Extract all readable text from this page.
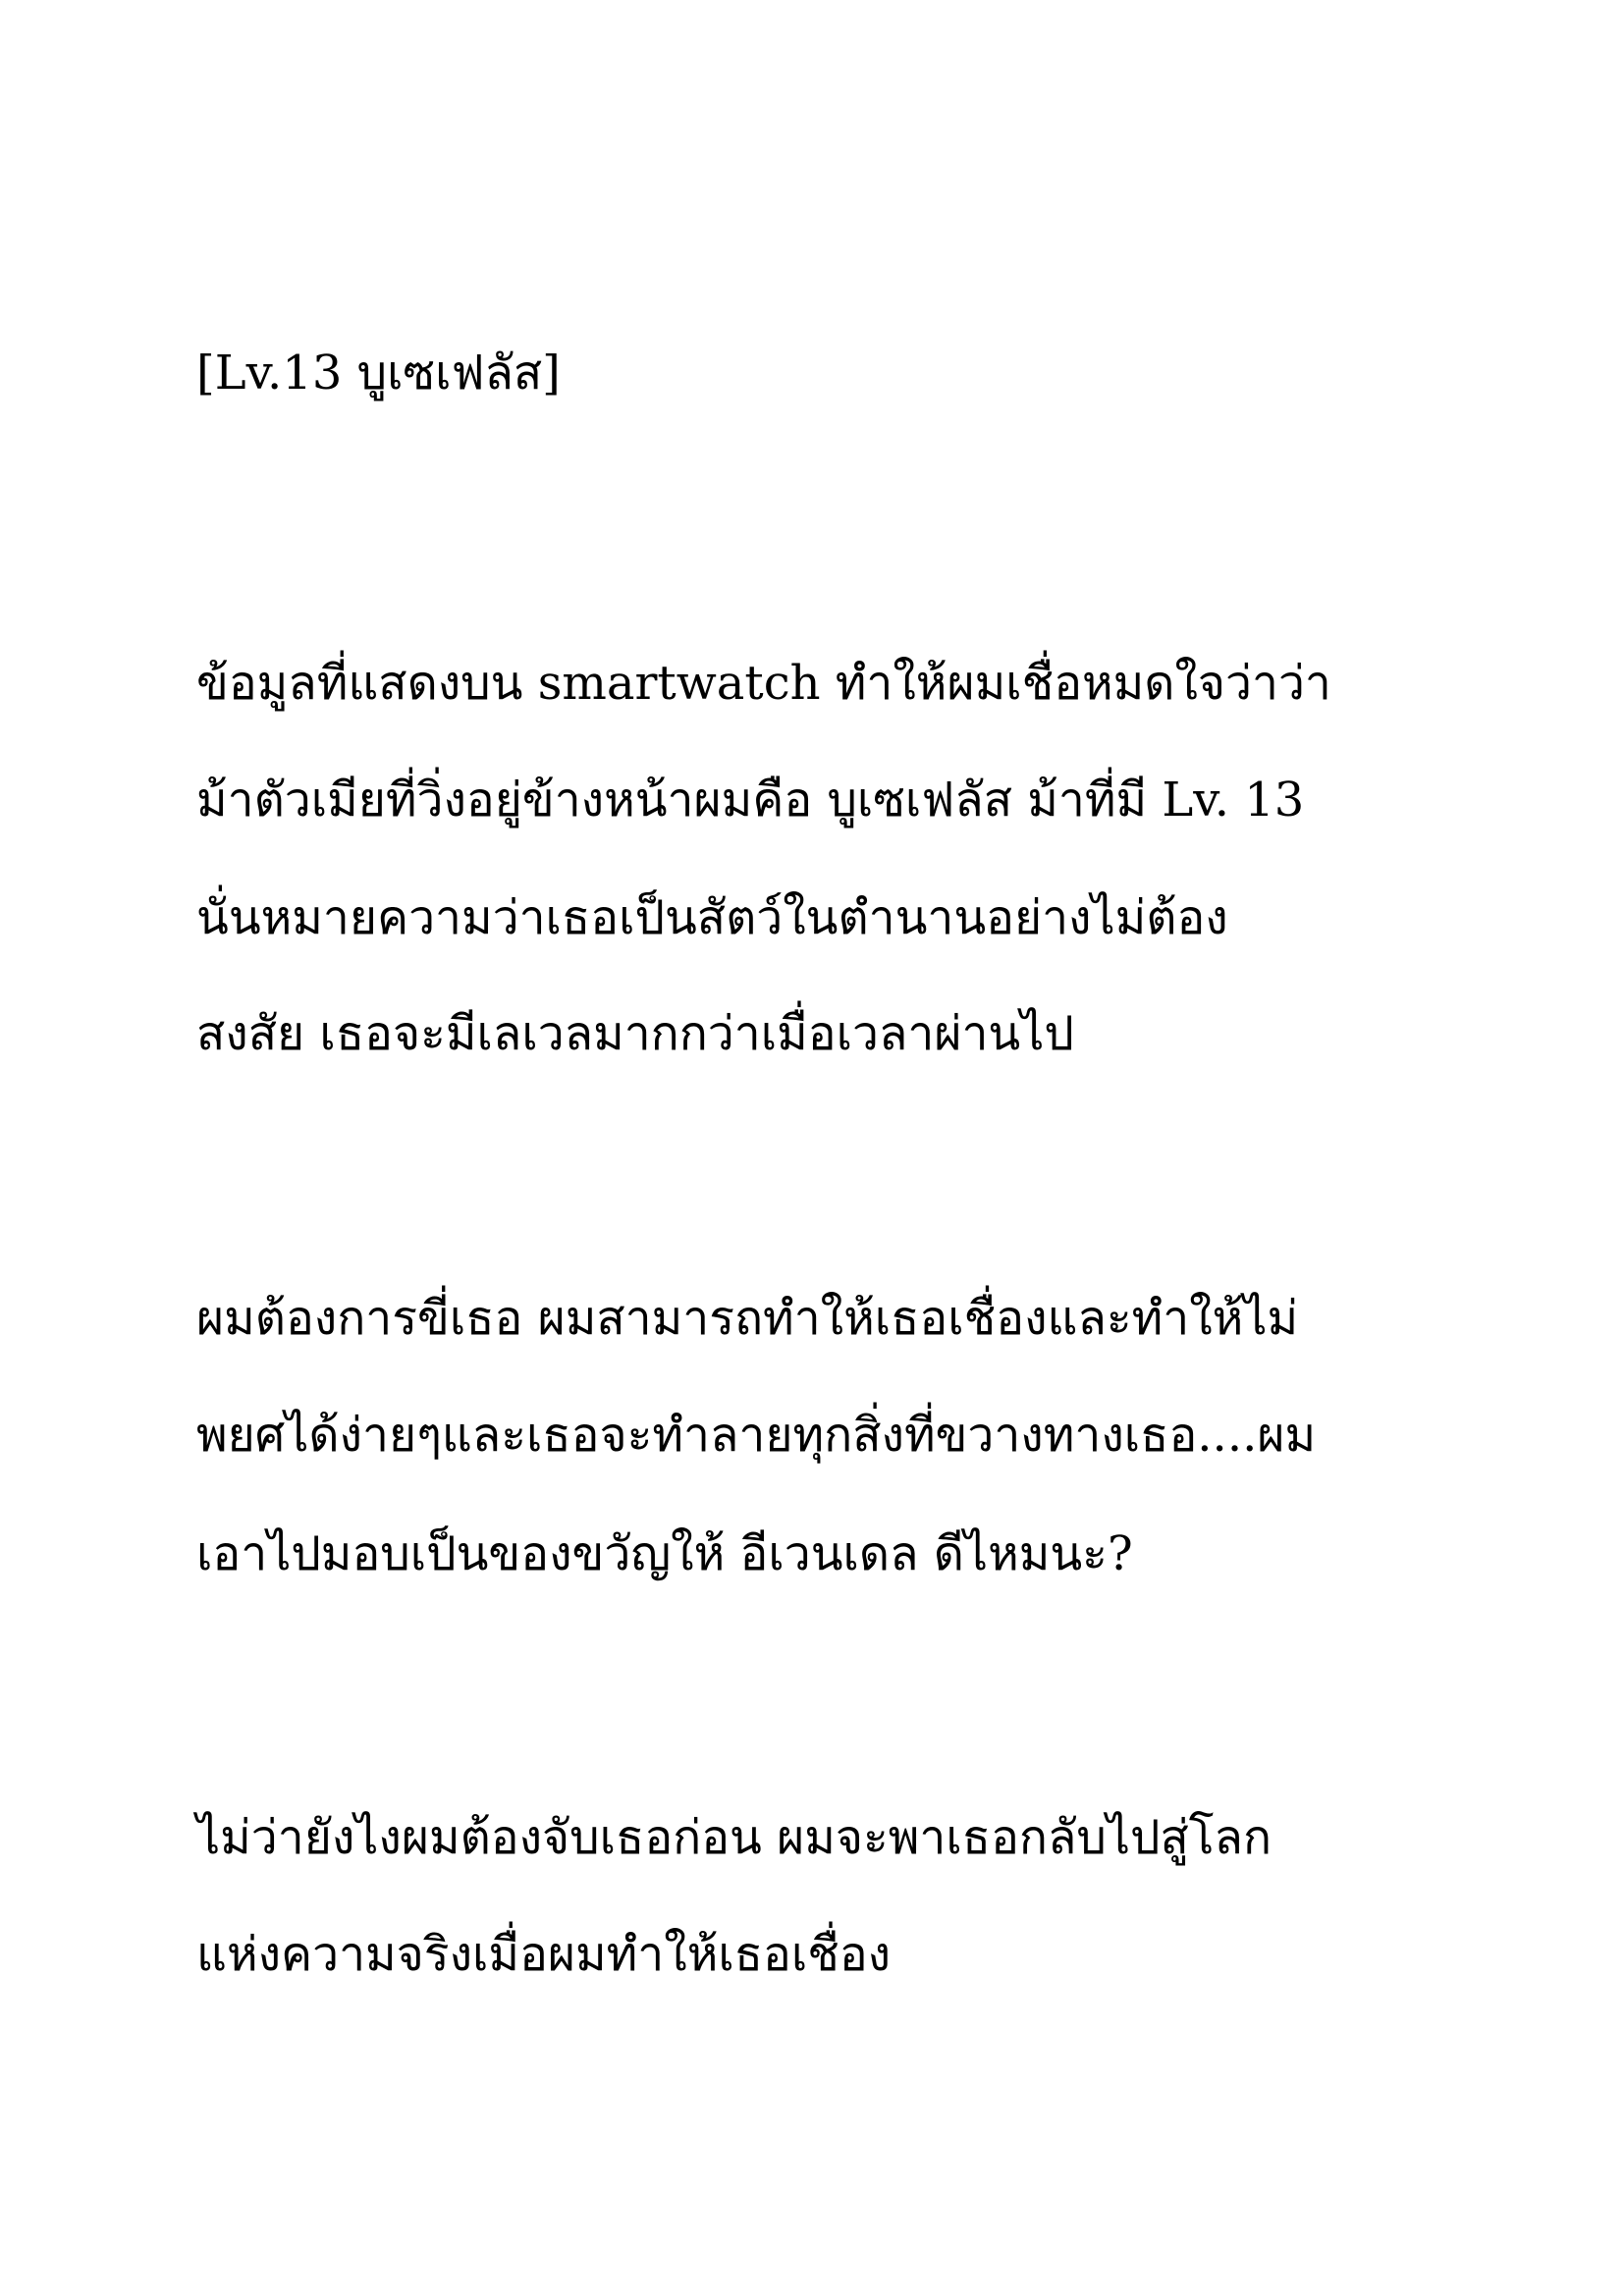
[Lv.13 บูเซเฟลัส]

ข้อมูลที่แสดงบน smartwatch ทำให้ผมเชื่อหมดใจว่าว่า

ม้าตัวเมียที่วิ่งอยู่ข้างหน้าผมคือ บูเซเฟลัส ม้าที่มี Lv. 13

นั่นหมายความว่าเธอเป็นสัตว์ในตำนานอย่างไม่ต้อง

สงสัย เธอจะมีเลเวลมากกว่าเมื่อเวลาผ่านไป

ผมต้องการขี่เธอ ผมสามารถทำให้เธอเชื่องและทำให้ไม่

พยศได้ง่ายๆและเธอจะทำลายทุกสิ่งที่ขวางทางเธอ....ผม

เอาไปมอบเป็นของขวัญให้ อีเวนเดล ดีไหมนะ?

ไม่ว่ายังไงผมต้องจับเธอก่อน ผมจะพาเธอกลับไปสู่โลก

แห่งความจริงเมื่อผมทำให้เธอเชื่อง
